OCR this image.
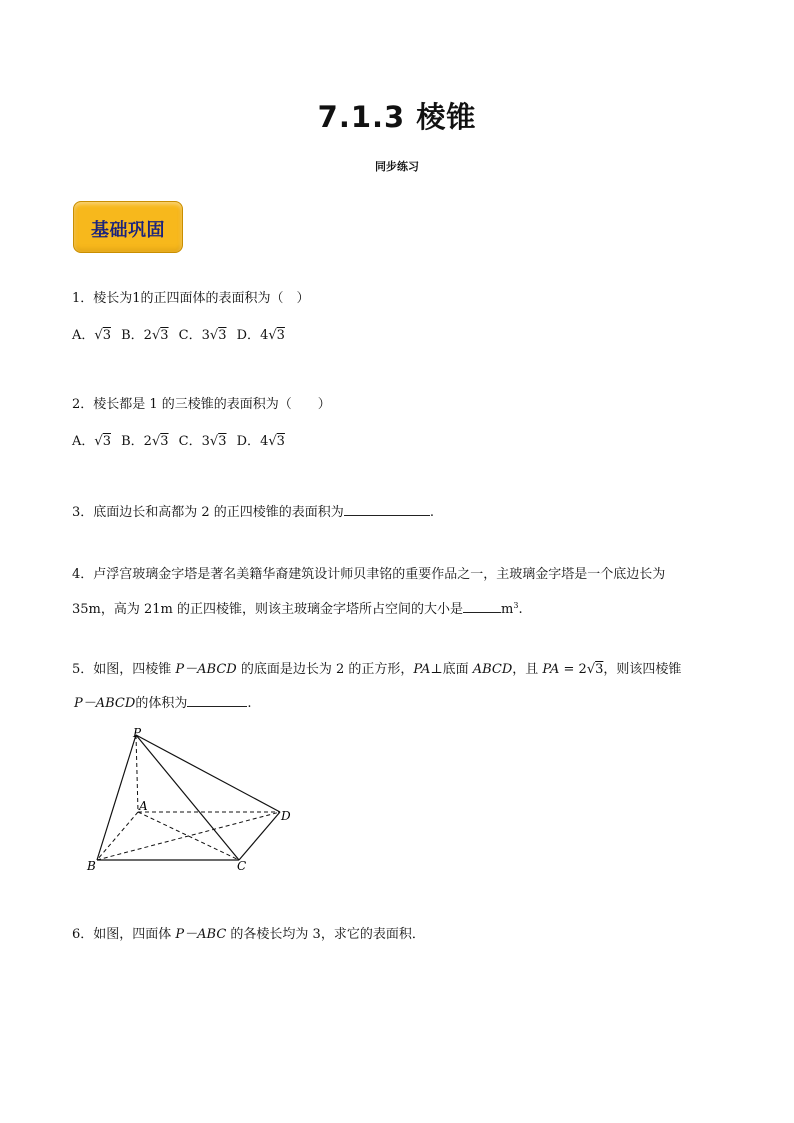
7.1.3 棱锥
同步练习
基础巩固
1．棱长为1的正四面体的表面积为（　）
A．√3 B．2√3 C．3√3 D．4√3
2．棱长都是 1 的三棱锥的表面积为（　　）
A．√3 B．2√3 C．3√3 D．4√3
3．底面边长和高都为 2 的正四棱锥的表面积为	.
4．卢浮宫玻璃金字塔是著名美籍华裔建筑设计师贝聿铭的重要作品之一，主玻璃金字塔是一个底边长为
35m，高为 21m 的正四棱锥，则该主玻璃金字塔所占空间的大小是	$m^3$.
5．如图，四棱锥 P－ABCD 的底面是边长为 2 的正方形，PA⊥底面 ABCD，且 PA = 2√3，则该四棱锥
P－ABCD的体积为	.
P
A
B	C
D
6．如图，四面体 P－ABC 的各棱长均为 3，求它的表面积．
